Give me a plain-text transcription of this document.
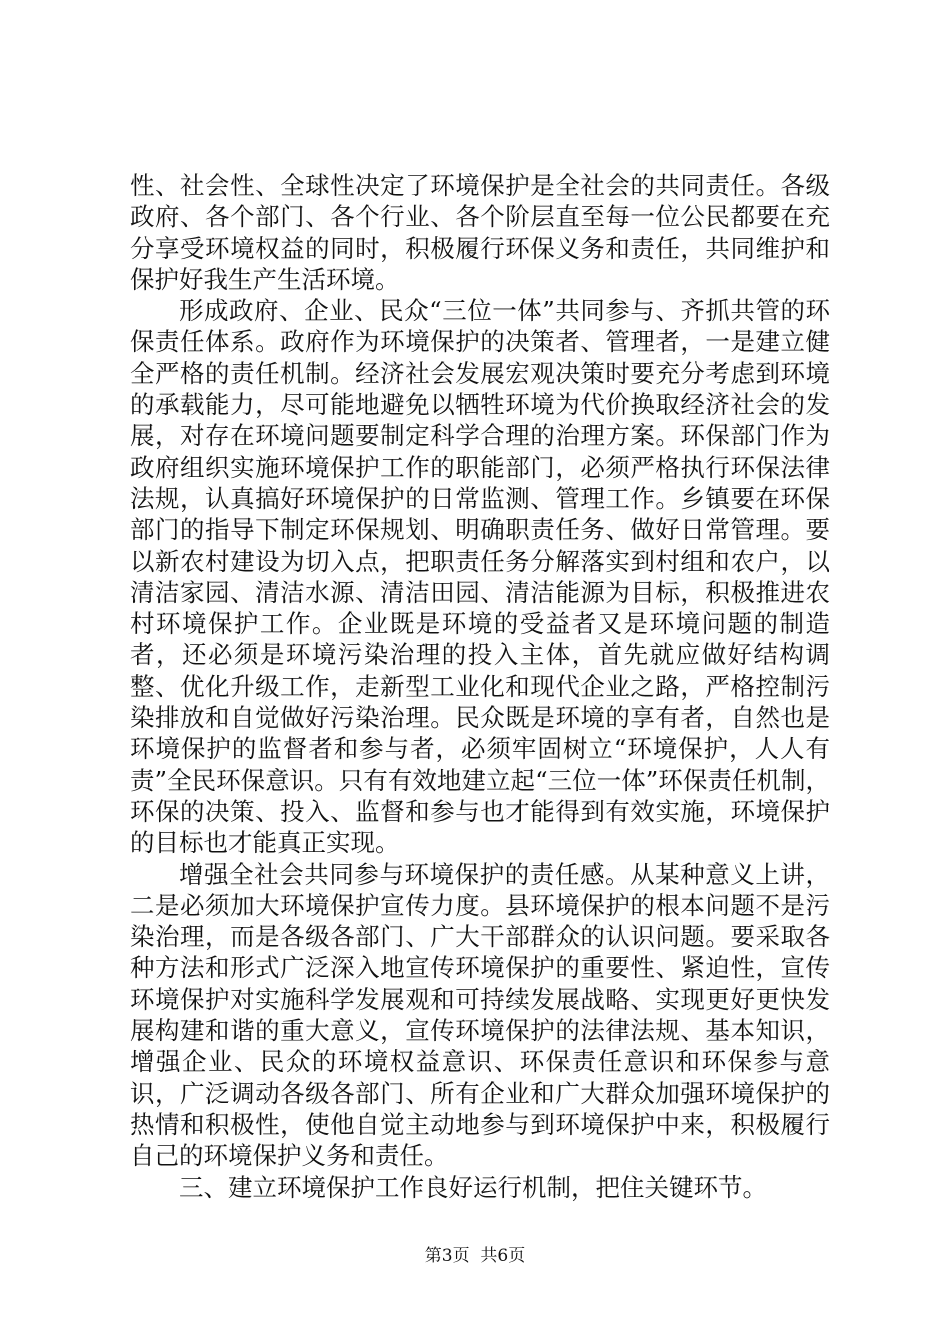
性、社会性、全球性决定了环境保护是全社会的共同责任。各级政府、各个部门、各个行业、各个阶层直至每一位公民都要在充分享受环境权益的同时，积极履行环保义务和责任，共同维护和保护好我生产生活环境。

形成政府、企业、民众“三位一体”共同参与、齐抓共管的环保责任体系。政府作为环境保护的决策者、管理者，一是建立健全严格的责任机制。经济社会发展宏观决策时要充分考虑到环境的承载能力，尽可能地避免以牺牲环境为代价换取经济社会的发展，对存在环境问题要制定科学合理的治理方案。环保部门作为政府组织实施环境保护工作的职能部门，必须严格执行环保法律法规，认真搞好环境保护的日常监测、管理工作。乡镇要在环保部门的指导下制定环保规划、明确职责任务、做好日常管理。要以新农村建设为切入点，把职责任务分解落实到村组和农户，以清洁家园、清洁水源、清洁田园、清洁能源为目标，积极推进农村环境保护工作。企业既是环境的受益者又是环境问题的制造者，还必须是环境污染治理的投入主体，首先就应做好结构调整、优化升级工作，走新型工业化和现代企业之路，严格控制污染排放和自觉做好污染治理。民众既是环境的享有者，自然也是环境保护的监督者和参与者，必须牢固树立“环境保护，人人有责”全民环保意识。只有有效地建立起“三位一体”环保责任机制，环保的决策、投入、监督和参与也才能得到有效实施，环境保护的目标也才能真正实现。

增强全社会共同参与环境保护的责任感。从某种意义上讲，二是必须加大环境保护宣传力度。县环境保护的根本问题不是污染治理，而是各级各部门、广大干部群众的认识问题。要采取各种方法和形式广泛深入地宣传环境保护的重要性、紧迫性，宣传环境保护对实施科学发展观和可持续发展战略、实现更好更快发展构建和谐的重大意义，宣传环境保护的法律法规、基本知识，增强企业、民众的环境权益意识、环保责任意识和环保参与意识，广泛调动各级各部门、所有企业和广大群众加强环境保护的热情和积极性，使他自觉主动地参与到环境保护中来，积极履行自己的环境保护义务和责任。

三、建立环境保护工作良好运行机制，把住关键环节。

第3页  共6页
